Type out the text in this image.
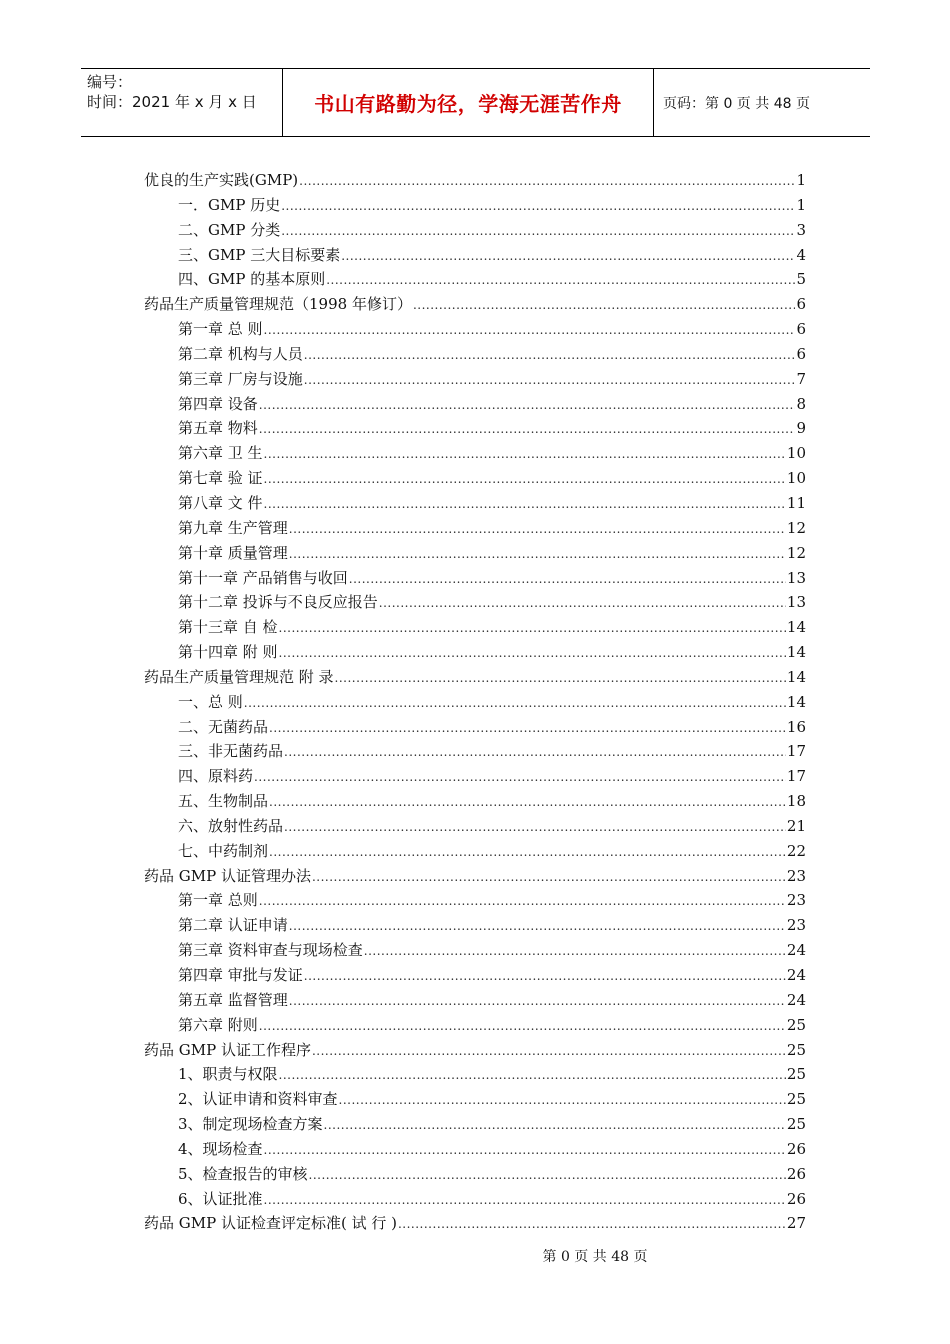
编号：
时间：2021 年 x 月 x 日	书山有路勤为径，学海无涯苦作舟	页码：第 0 页 共 48 页
优良的生产实践(GMP) .....	1
一．GMP 历史 .....	1
二、GMP 分类 .....	3
三、GMP 三大目标要素 .....	4
四、GMP 的基本原则 .....	5
药品生产质量管理规范（1998 年修订） .....	6
第一章 总 则 .....	6
第二章 机构与人员 .....	6
第三章 厂房与设施 .....	7
第四章 设备 .....	8
第五章 物料 .....	9
第六章 卫 生 .....	10
第七章 验 证 .....	10
第八章 文 件 .....	11
第九章 生产管理 .....	12
第十章 质量管理 .....	12
第十一章 产品销售与收回 .....	13
第十二章 投诉与不良反应报告 .....	13
第十三章 自 检 .....	14
第十四章 附 则 .....	14
药品生产质量管理规范 附 录 .....	14
一、总 则 .....	14
二、无菌药品 .....	16
三、非无菌药品 .....	17
四、原料药 .....	17
五、生物制品 .....	18
六、放射性药品 .....	21
七、中药制剂 .....	22
药品 GMP 认证管理办法 .....	23
第一章 总则 .....	23
第二章 认证申请 .....	23
第三章 资料审查与现场检查 .....	24
第四章 审批与发证 .....	24
第五章 监督管理 .....	24
第六章 附则 .....	25
药品 GMP 认证工作程序 .....	25
1、职责与权限 .....	25
2、认证申请和资料审查 .....	25
3、制定现场检查方案 .....	25
4、现场检查 .....	26
5、检查报告的审核 .....	26
6、认证批准 .....	26
药品 GMP 认证检查评定标准( 试 行 ) .....	27
第 0 页 共 48 页
